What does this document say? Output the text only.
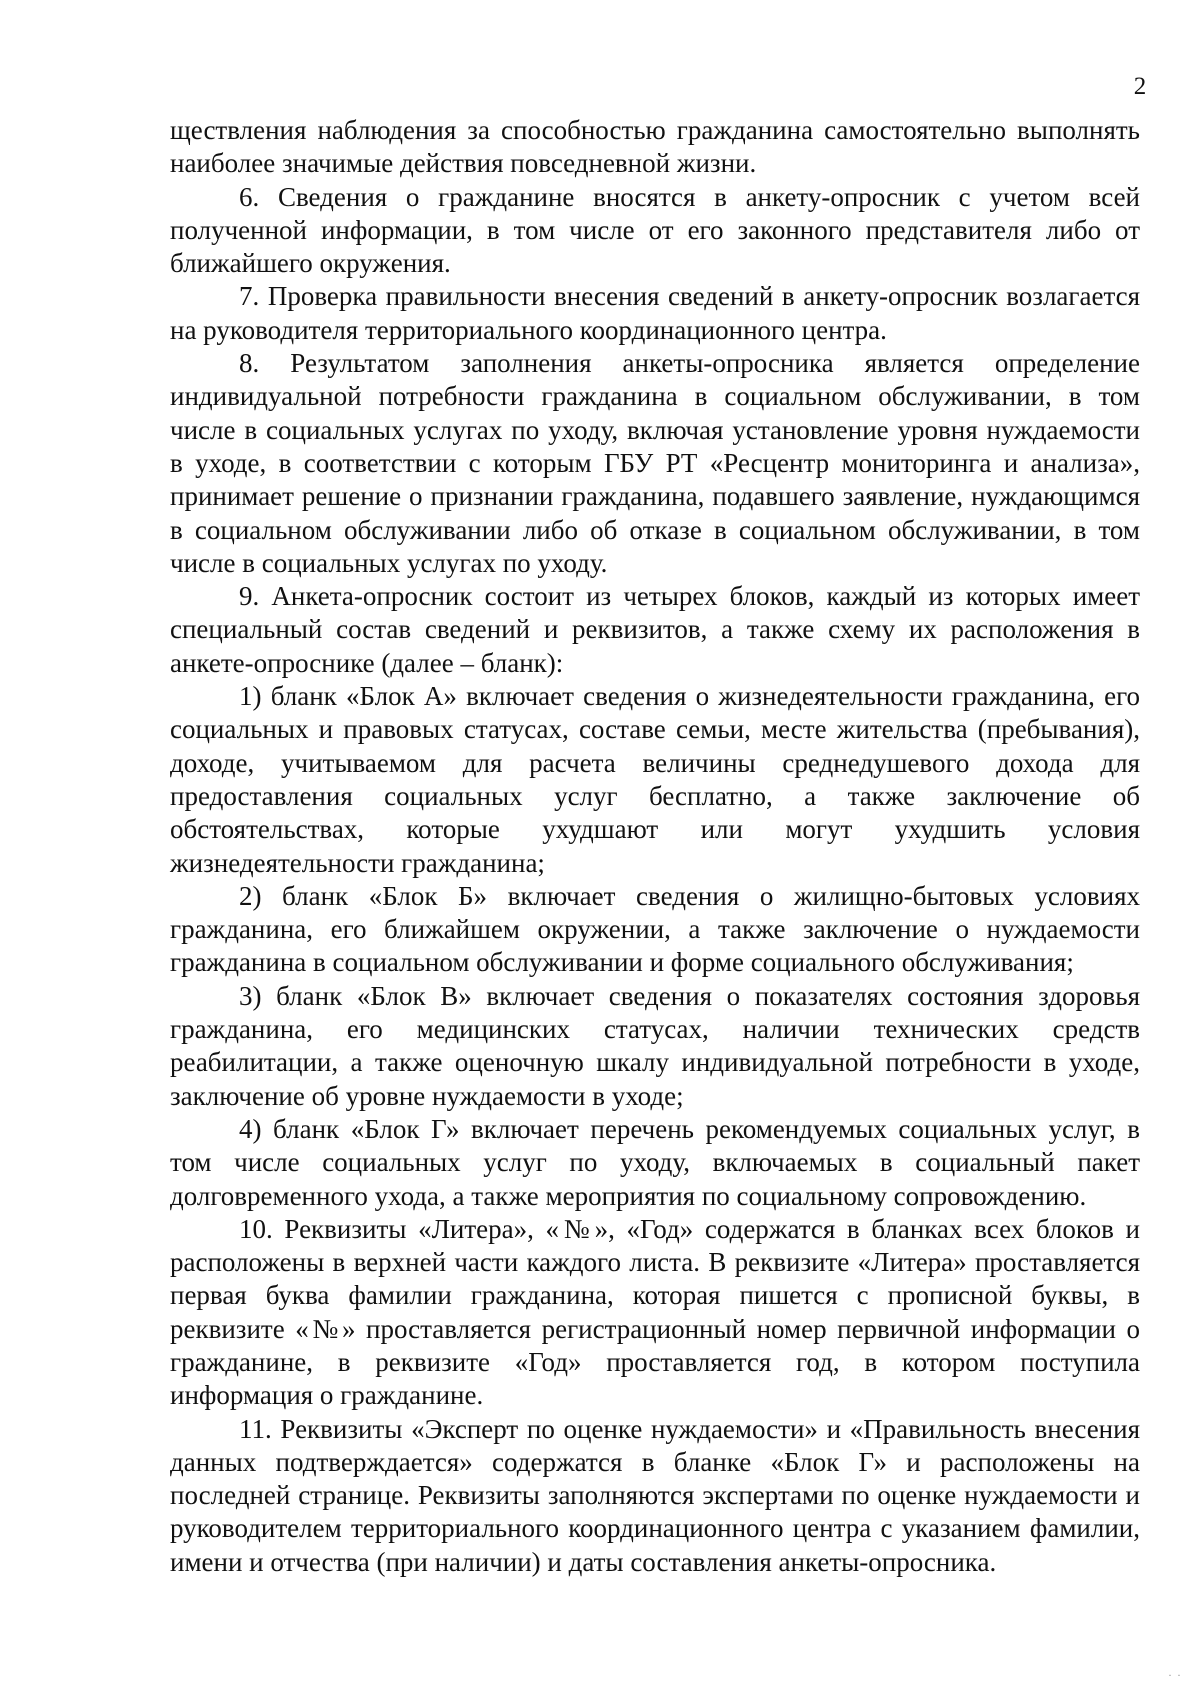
2

ществления наблюдения за способностью гражданина самостоятельно выполнять наиболее значимые действия повседневной жизни.

6. Сведения о гражданине вносятся в анкету-опросник с учетом всей полученной информации, в том числе от его законного представителя либо от ближайшего окружения.

7. Проверка правильности внесения сведений в анкету-опросник возлагается на руководителя территориального координационного центра.

8. Результатом заполнения анкеты-опросника является определение индивидуальной потребности гражданина в социальном обслуживании, в том числе в социальных услугах по уходу, включая установление уровня нуждаемости в уходе, в соответствии с которым ГБУ РТ «Ресцентр мониторинга и анализа», принимает решение о признании гражданина, подавшего заявление, нуждающимся в социальном обслуживании либо об отказе в социальном обслуживании, в том числе в социальных услугах по уходу.

9. Анкета-опросник состоит из четырех блоков, каждый из которых имеет специальный состав сведений и реквизитов, а также схему их расположения в анкете-опроснике (далее – бланк):

1) бланк «Блок А» включает сведения о жизнедеятельности гражданина, его социальных и правовых статусах, составе семьи, месте жительства (пребывания), доходе, учитываемом для расчета величины среднедушевого дохода для предоставления социальных услуг бесплатно, а также заключение об обстоятельствах, которые ухудшают или могут ухудшить условия жизнедеятельности гражданина;

2) бланк «Блок Б» включает сведения о жилищно-бытовых условиях гражданина, его ближайшем окружении, а также заключение о нуждаемости гражданина в социальном обслуживании и форме социального обслуживания;

3) бланк «Блок В» включает сведения о показателях состояния здоровья гражданина, его медицинских статусах, наличии технических средств реабилитации, а также оценочную шкалу индивидуальной потребности в уходе, заключение об уровне нуждаемости в уходе;

4) бланк «Блок Г» включает перечень рекомендуемых социальных услуг, в том числе социальных услуг по уходу, включаемых в социальный пакет долговременного ухода, а также мероприятия по социальному сопровождению.

10. Реквизиты «Литера», «№», «Год» содержатся в бланках всех блоков и расположены в верхней части каждого листа. В реквизите «Литера» проставляется первая буква фамилии гражданина, которая пишется с прописной буквы, в реквизите «№» проставляется регистрационный номер первичной информации о гражданине, в реквизите «Год» проставляется год, в котором поступила информация о гражданине.

11. Реквизиты «Эксперт по оценке нуждаемости» и «Правильность внесения данных подтверждается» содержатся в бланке «Блок Г» и расположены на последней странице. Реквизиты заполняются экспертами по оценке нуждаемости и руководителем территориального координационного центра с указанием фамилии, имени и отчества (при наличии) и даты составления анкеты-опросника.

· ·
